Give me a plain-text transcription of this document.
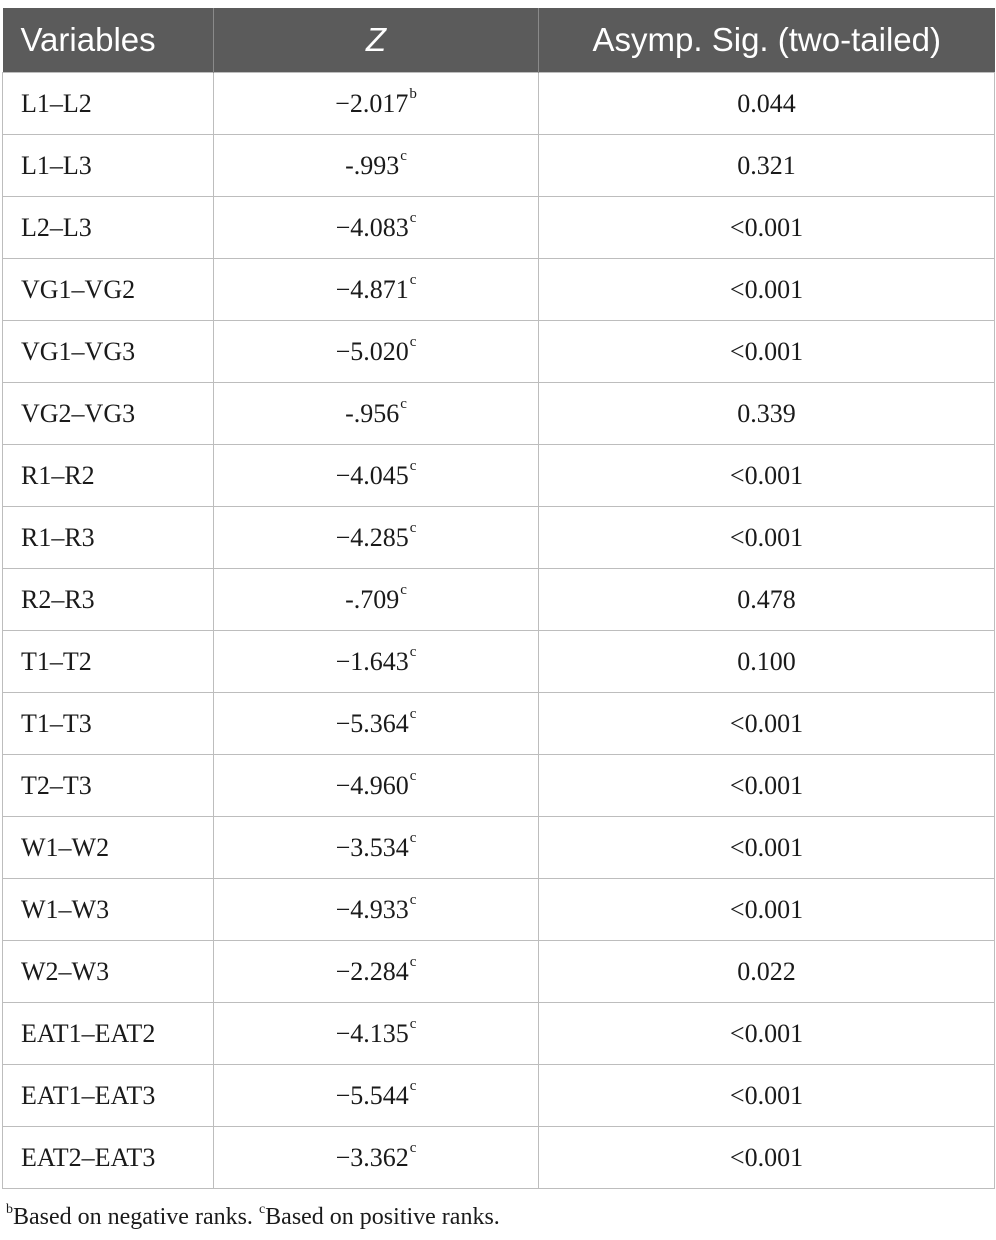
Variables	Z	Asymp. Sig. (two-tailed)
L1–L2	−2.017$^b$	0.044
L1–L3	-.993$^c$	0.321
L2–L3	−4.083$^c$	<0.001
VG1–VG2	−4.871$^c$	<0.001
VG1–VG3	−5.020$^c$	<0.001
VG2–VG3	-.956$^c$	0.339
R1–R2	−4.045$^c$	<0.001
R1–R3	−4.285$^c$	<0.001
R2–R3	-.709$^c$	0.478
T1–T2	−1.643$^c$	0.100
T1–T3	−5.364$^c$	<0.001
T2–T3	−4.960$^c$	<0.001
W1–W2	−3.534$^c$	<0.001
W1–W3	−4.933$^c$	<0.001
W2–W3	−2.284$^c$	0.022
EAT1–EAT2	−4.135$^c$	<0.001
EAT1–EAT3	−5.544$^c$	<0.001
EAT2–EAT3	−3.362$^c$	<0.001
$^b$Based on negative ranks. $^c$Based on positive ranks.
